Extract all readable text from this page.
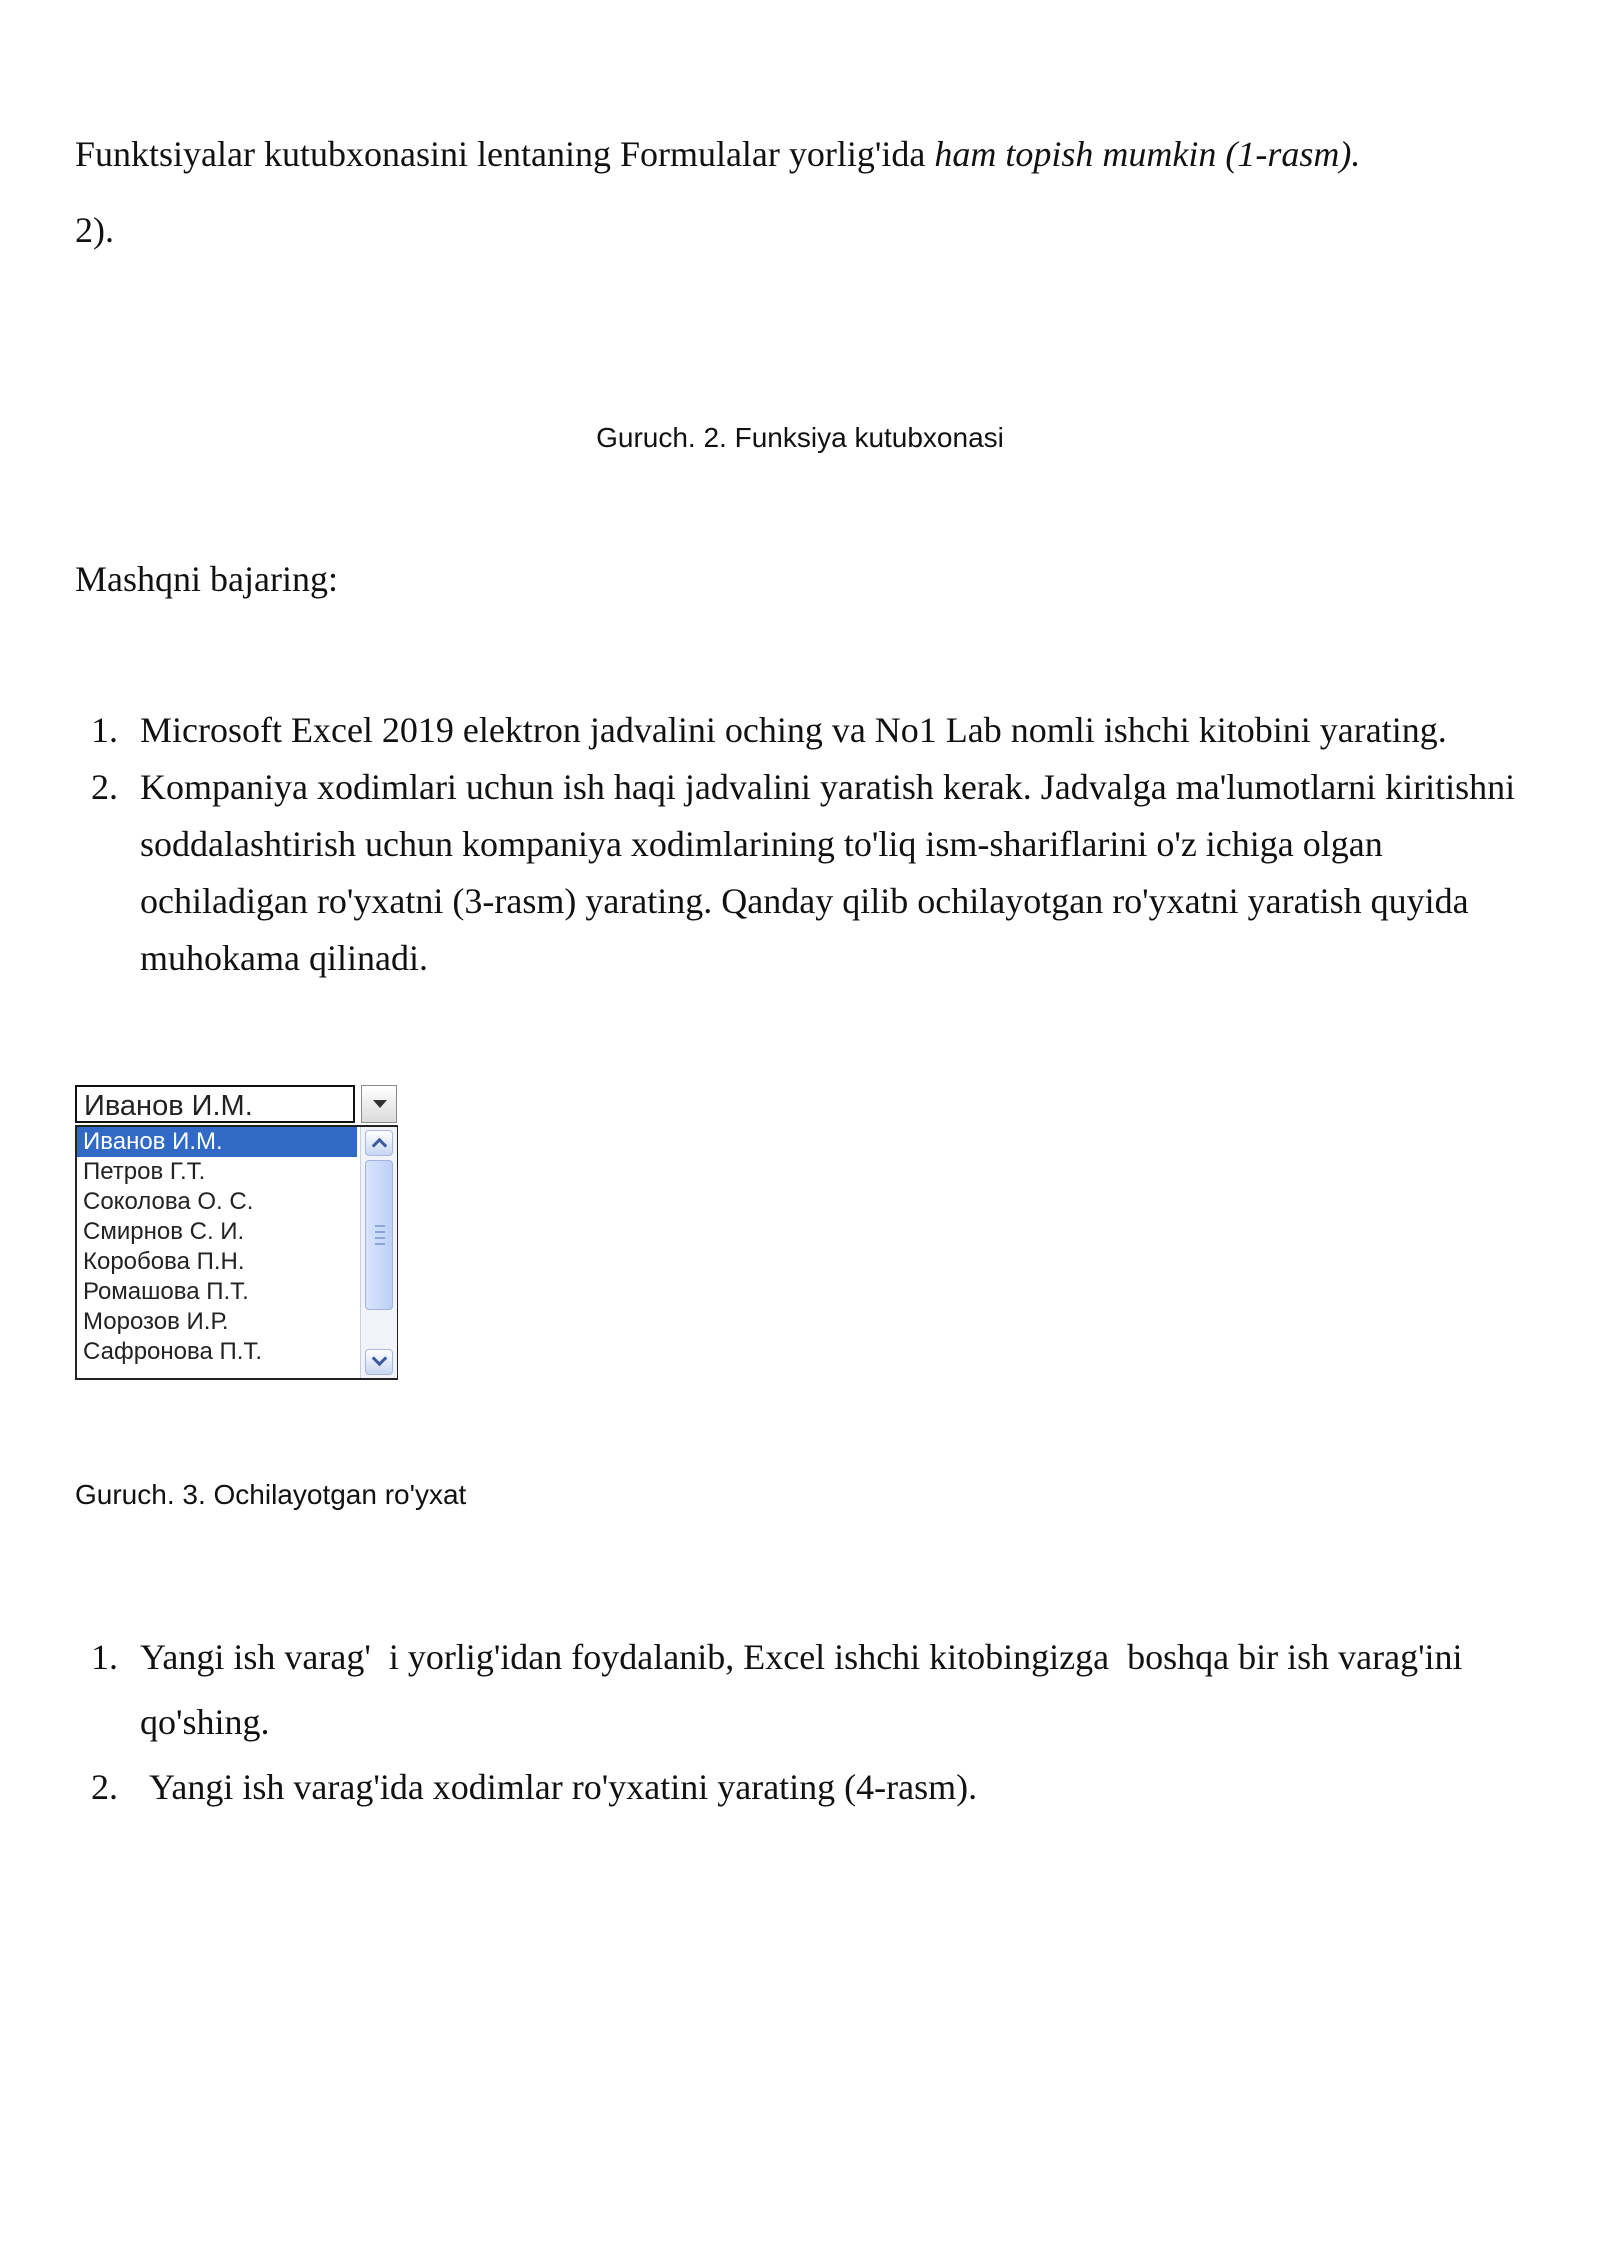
Funktsiyalar kutubxonasini lentaning Formulalar yorlig'ida ham topish mumkin (1-rasm).

2).

Guruch. 2. Funksiya kutubxonasi
Mashqni bajaring:
1. Microsoft Excel 2019 elektron jadvalini oching va No1 Lab nomli ishchi kitobini yarating.
2. Kompaniya xodimlari uchun ish haqi jadvalini yaratish kerak. Jadvalga ma'lumotlarni kiritishni soddalashtirish uchun kompaniya xodimlarining to'liq ism-shariflarini o'z ichiga olgan ochiladigan ro'yxatni (3-rasm) yarating. Qanday qilib ochilayotgan ro'yxatni yaratish quyida muhokama qilinadi.
Иванов И.М.
Иванов И.М.
Петров Г.Т.
Соколова О. С.
Смирнов С. И.
Коробова П.Н.
Ромашова П.Т.
Морозов И.Р.
Сафронова П.Т.
Guruch. 3. Ochilayotgan ro'yxat
1. Yangi ish varag'  i yorlig'idan foydalanib, Excel ishchi kitobingizga  boshqa bir ish varag'ini qo'shing.
2. Yangi ish varag'ida xodimlar ro'yxatini yarating (4-rasm).
